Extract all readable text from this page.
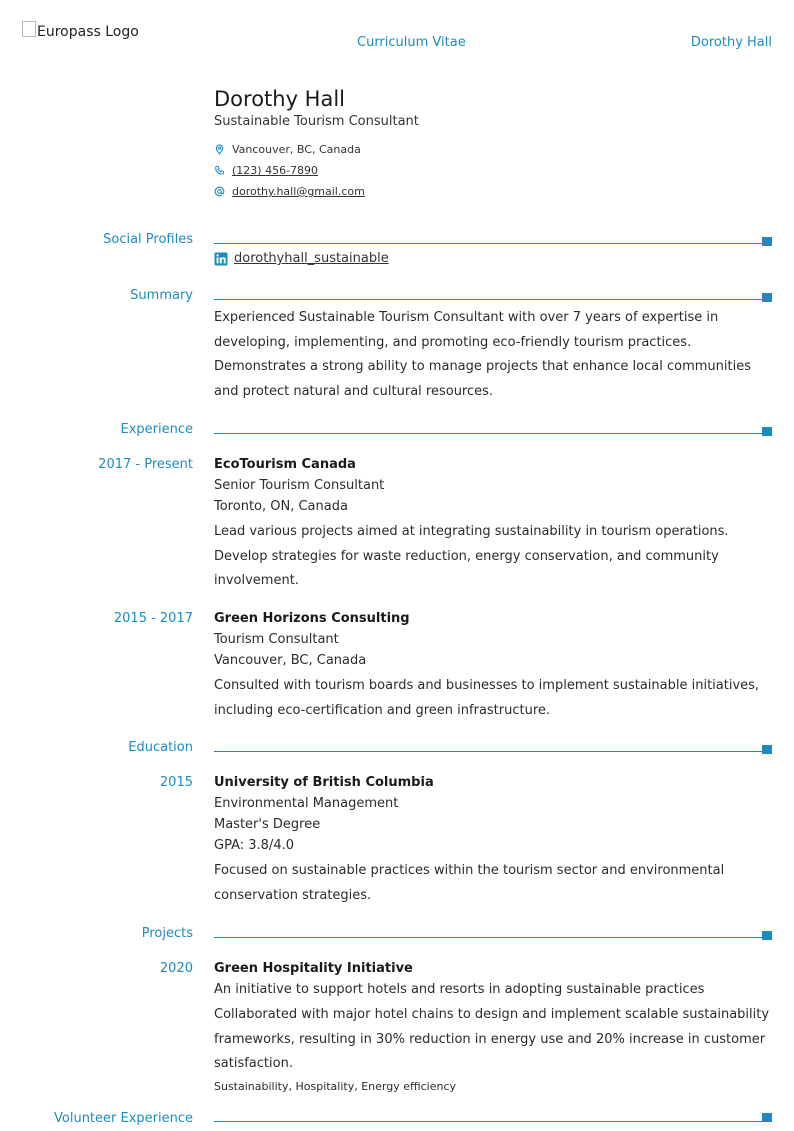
Europass Logo
Curriculum Vitae	Dorothy Hall
Dorothy Hall
Sustainable Tourism Consultant
Vancouver, BC, Canada
(123) 456-7890
dorothy.hall@gmail.com
Social Profiles
dorothyhall_sustainable
Summary
Experienced Sustainable Tourism Consultant with over 7 years of expertise in developing, implementing, and promoting eco-friendly tourism practices. Demonstrates a strong ability to manage projects that enhance local communities and protect natural and cultural resources.
Experience
2017 - Present EcoTourism Canada
Senior Tourism Consultant
Toronto, ON, Canada
Lead various projects aimed at integrating sustainability in tourism operations. Develop strategies for waste reduction, energy conservation, and community involvement.
2015 - 2017 Green Horizons Consulting
Tourism Consultant
Vancouver, BC, Canada
Consulted with tourism boards and businesses to implement sustainable initiatives, including eco-certification and green infrastructure.
Education
2015 University of British Columbia
Environmental Management
Master's Degree
GPA: 3.8/4.0
Focused on sustainable practices within the tourism sector and environmental conservation strategies.
Projects
2020 Green Hospitality Initiative
An initiative to support hotels and resorts in adopting sustainable practices
Collaborated with major hotel chains to design and implement scalable sustainability frameworks, resulting in 30% reduction in energy use and 20% increase in customer satisfaction.
Sustainability, Hospitality, Energy efficiency
Volunteer Experience
